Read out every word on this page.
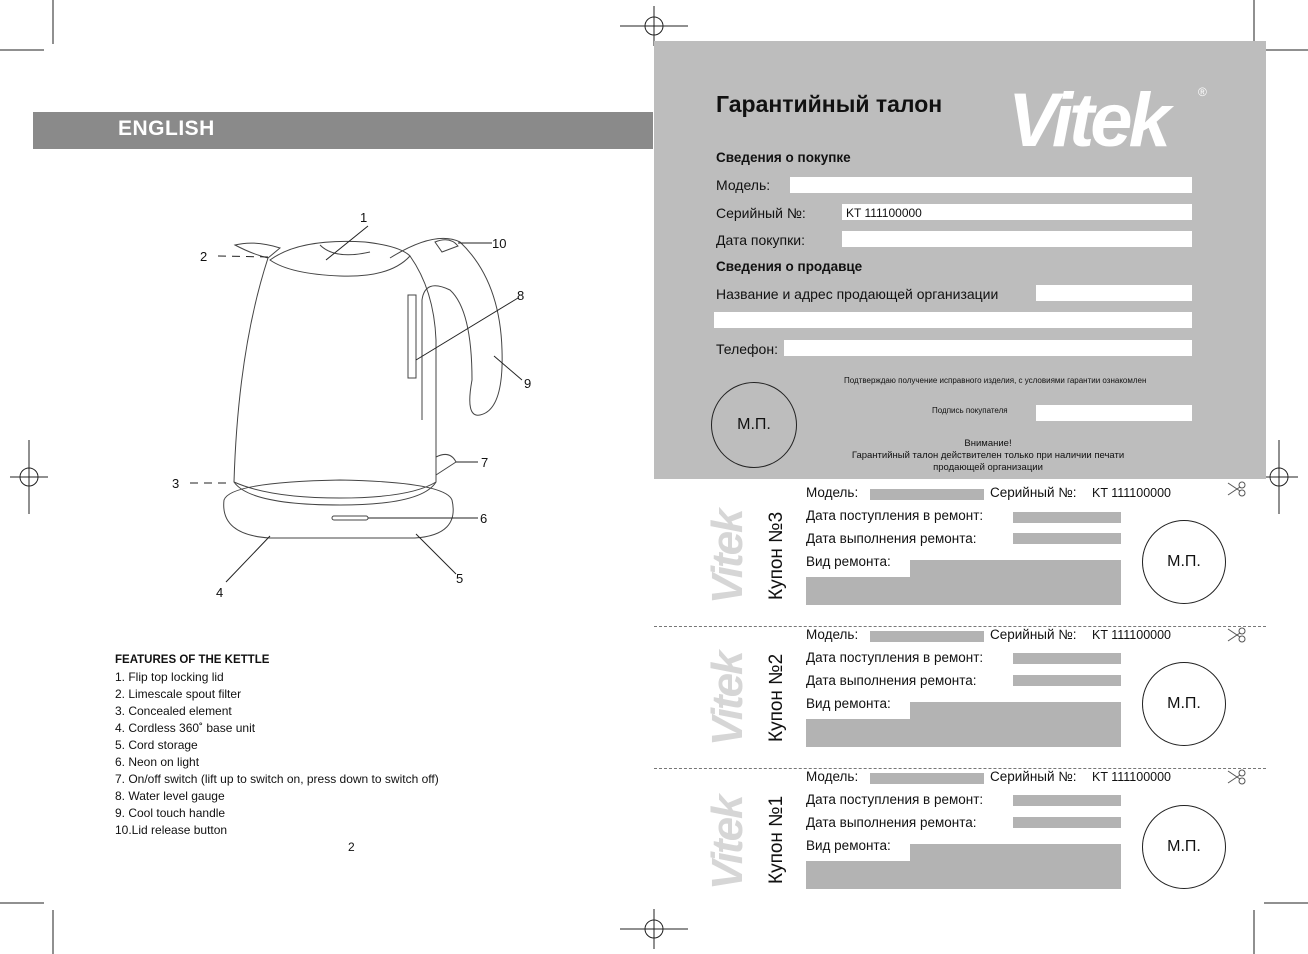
ENGLISH
1
2
3
4
5
6
7
8
9
10
FEATURES OF THE KETTLE
1. Flip top locking lid
2. Limescale spout filter
3. Concealed element
4. Cordless 360˚ base unit
5. Cord storage
6. Neon on light
7. On/off switch (lift up to switch on, press down to switch off)
8. Water level gauge
9. Cool touch handle
10.Lid release button
2
Гарантийный талон Vitek	®
Сведения о покупке
Модель:
Серийный №:	KT 111100000
Дата покупки:
Сведения о продавце
Название и адрес продающей организации
Телефон:
М.П.
Подтверждаю получение исправного изделия, с условиями гарантии ознакомлен
Подпись покупателя
Внимание!
Гарантийный талон действителен только при наличии печати
продающей организации
Vitek Купон №3
Модель:	Серийный №: KT 111100000
Дата поступления в ремонт:
Дата выполнения ремонта:
Вид ремонта:	М.П.
Vitek Купон №2
Модель:	Серийный №: KT 111100000
Дата поступления в ремонт:
Дата выполнения ремонта:
Вид ремонта:	М.П.
Vitek Купон №1
Модель:	Серийный №: KT 111100000
Дата поступления в ремонт:
Дата выполнения ремонта:
Вид ремонта:	М.П.
